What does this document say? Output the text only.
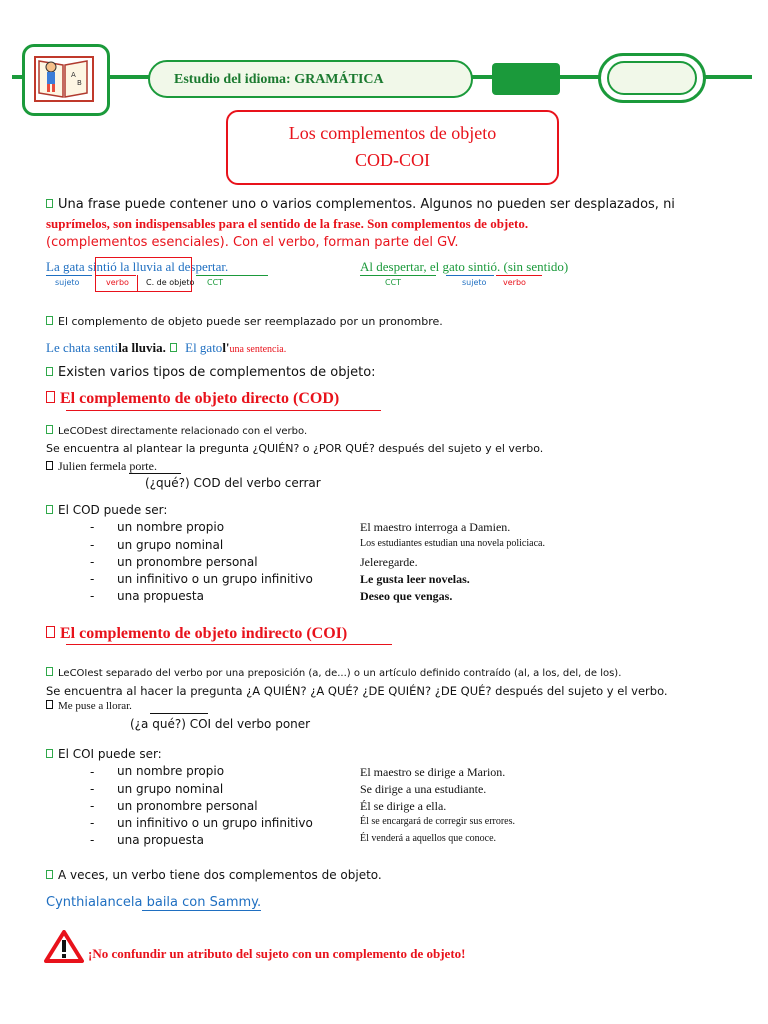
A
B	Estudio del idioma: GRAMÁTICA
Los complementos de objeto
COD-COI
Una frase puede contener uno o varios complementos. Algunos no pueden ser desplazados, ni
suprímelos, son indispensables para el sentido de la frase. Son complementos de objeto.
(complementos esenciales). Con el verbo, forman parte del GV.
La gata sintió la lluvia al despertar.
sujeto	verbo C. de objeto CCT
Al despertar, el gato sintió. (sin sentido)
CCT	sujeto verbo
El complemento de objeto puede ser reemplazado por un pronombre.
Le chata sentila lluvia. El gatol'una sentencia.
Existen varios tipos de complementos de objeto:
El complemento de objeto directo (COD)
LeCODest directamente relacionado con el verbo.
Se encuentra al plantear la pregunta ¿QUIÉN? o ¿POR QUÉ? después del sujeto y el verbo.
Julien fermela porte.
(¿qué?) COD del verbo cerrar
El COD puede ser:
- un nombre propio	El maestro interroga a Damien.
- un grupo nominal	Los estudiantes estudian una novela policiaca.
- un pronombre personal	Jeleregarde.
- un infinitivo o un grupo infinitivo	Le gusta leer novelas.
- una propuesta	Deseo que vengas.
El complemento de objeto indirecto (COI)
LeCOIest separado del verbo por una preposición (a, de...) o un artículo definido contraído (al, a los, del, de los).
Se encuentra al hacer la pregunta ¿A QUIÉN? ¿A QUÉ? ¿DE QUIÉN? ¿DE QUÉ? después del sujeto y el verbo.
Me puse a llorar.
(¿a qué?) COI del verbo poner
El COI puede ser:
- un nombre propio	El maestro se dirige a Marion.
- un grupo nominal	Se dirige a una estudiante.
- un pronombre personal	Él se dirige a ella.
- un infinitivo o un grupo infinitivo	Él se encargará de corregir sus errores.
- una propuesta	Él venderá a aquellos que conoce.
A veces, un verbo tiene dos complementos de objeto.
Cynthialancela baila con Sammy.
¡No confundir un atributo del sujeto con un complemento de objeto!
